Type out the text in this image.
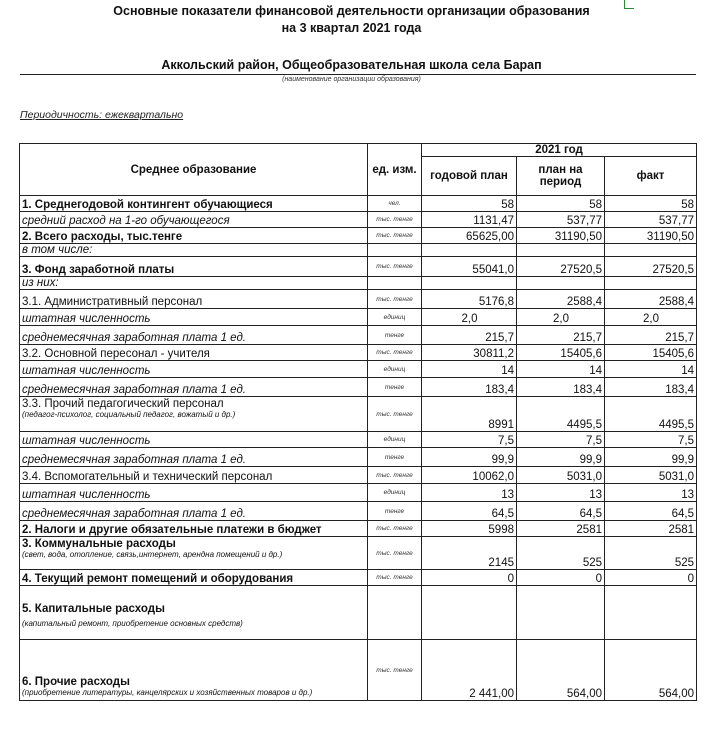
Основные показатели финансовой деятельности организации образования
на 3 квартал 2021 года
Аккольский район, Общеобразовательная школа села Барап
(наименование организации образования)
Периодичность: ежеквартально
Среднее образование	ед. изм.	2021 год		
		годовой план	план на период	факт
1. Среднегодовой контингент обучающиеся	чел.	58	58	58
средний расход на 1-го обучающегося	тыс. тенге	1131,47	537,77	537,77
2. Всего расходы, тыс.тенге	тыс. тенге	65625,00	31190,50	31190,50
в том числе:				
3. Фонд заработной платы	тыс. тенге	55041,0	27520,5	27520,5
из них:				
3.1. Административный персонал	тыс. тенге	5176,8	2588,4	2588,4
штатная численность	единиц	2,0	2,0	2,0
среднемесячная заработная плата 1 ед.	тенге	215,7	215,7	215,7
3.2. Основной пересонал - учителя	тыс. тенге	30811,2	15405,6	15405,6
штатная численность	единиц	14	14	14
среднемесячная заработная плата 1 ед.	тенге	183,4	183,4	183,4
3.3. Прочий педагогический персонал
(педагог-психолог, социальный педагог, вожатый и др.)	тыс. тенге	8991	4495,5	4495,5
штатная численность	единиц	7,5	7,5	7,5
среднемесячная заработная плата 1 ед.	тенге	99,9	99,9	99,9
3.4. Вспомогательный и технический персонал	тыс. тенге	10062,0	5031,0	5031,0
штатная численность	единиц	13	13	13
среднемесячная заработная плата 1 ед.	тенге	64,5	64,5	64,5
2. Налоги и другие обязательные платежи в бюджет	тыс. тенге	5998	2581	2581
3. Коммунальные расходы
(свет, вода, отопление, связь,интернет, арендна помещений и др.)	тыс. тенге	2145	525	525
4. Текущий ремонт помещений и оборудования	тыс. тенге	0	0	0
5. Капитальные расходы
(капитальный ремонт, приобретение основных средств)				

6. Прочие расходы
(приобретение литературы, канцелярских и хозяйственных товаров и др.)	тыс. тенге	2 441,00	564,00	564,00
